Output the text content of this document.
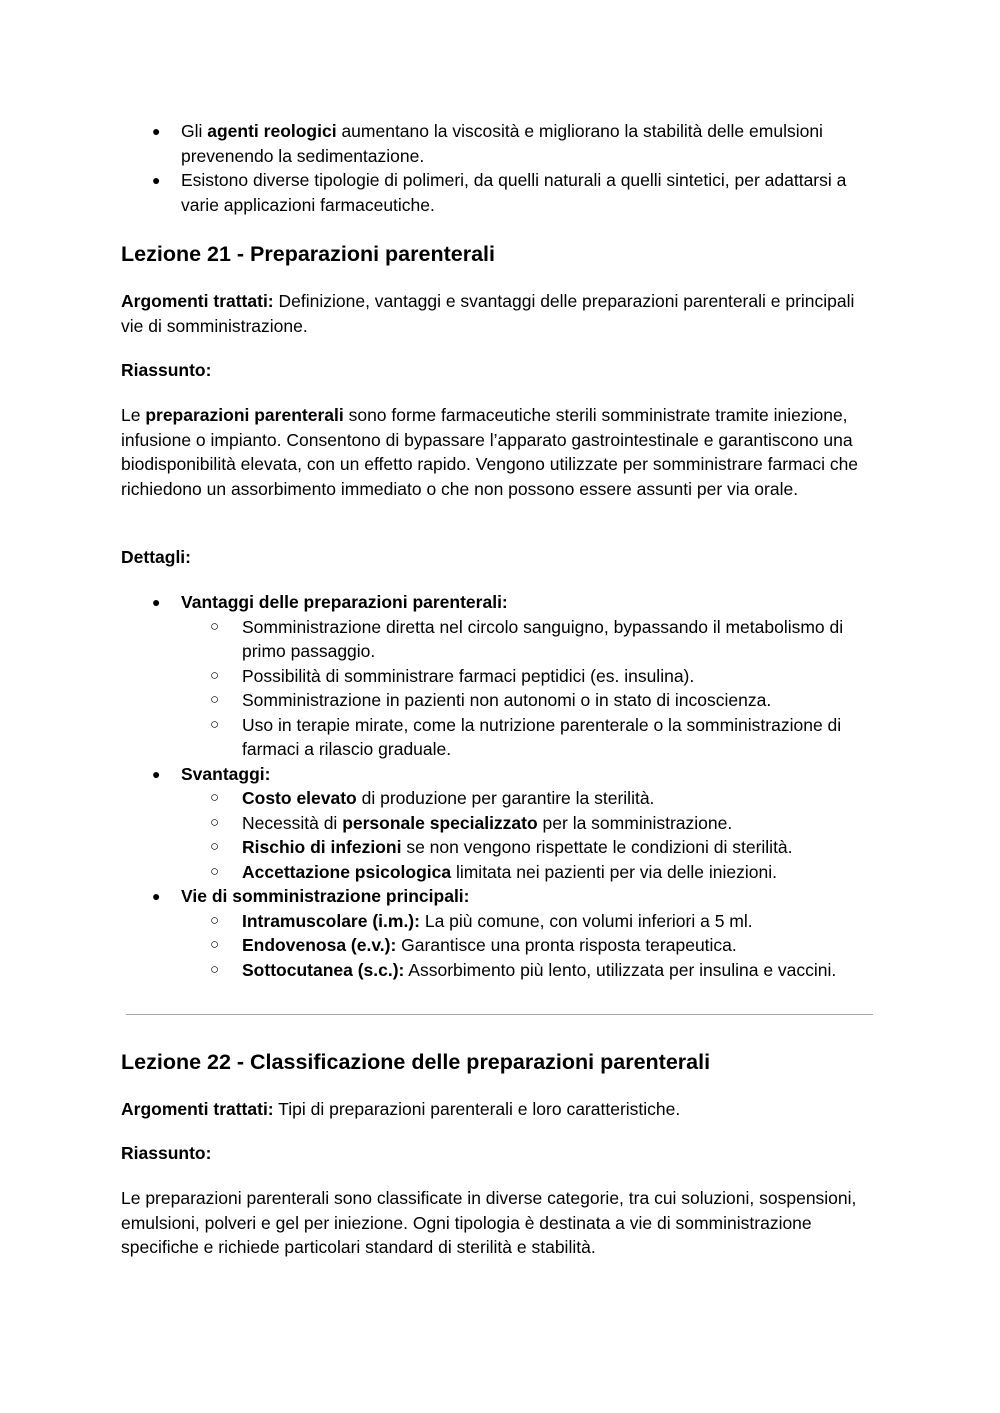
● Gli agenti reologici aumentano la viscosità e migliorano la stabilità delle emulsioni prevenendo la sedimentazione.
● Esistono diverse tipologie di polimeri, da quelli naturali a quelli sintetici, per adattarsi a varie applicazioni farmaceutiche.
Lezione 21 - Preparazioni parenterali

Argomenti trattati: Definizione, vantaggi e svantaggi delle preparazioni parenterali e principali vie di somministrazione.

Riassunto:

Le preparazioni parenterali sono forme farmaceutiche sterili somministrate tramite iniezione, infusione o impianto. Consentono di bypassare l’apparato gastrointestinale e garantiscono una biodisponibilità elevata, con un effetto rapido. Vengono utilizzate per somministrare farmaci che richiedono un assorbimento immediato o che non possono essere assunti per via orale.

Dettagli:

● Vantaggi delle preparazioni parenterali:
○ Somministrazione diretta nel circolo sanguigno, bypassando il metabolismo di primo passaggio.
○ Possibilità di somministrare farmaci peptidici (es. insulina).
○ Somministrazione in pazienti non autonomi o in stato di incoscienza.
○ Uso in terapie mirate, come la nutrizione parenterale o la somministrazione di farmaci a rilascio graduale.
● Svantaggi:
○ Costo elevato di produzione per garantire la sterilità.
○ Necessità di personale specializzato per la somministrazione.
○ Rischio di infezioni se non vengono rispettate le condizioni di sterilità.
○ Accettazione psicologica limitata nei pazienti per via delle iniezioni.
● Vie di somministrazione principali:
○ Intramuscolare (i.m.): La più comune, con volumi inferiori a 5 ml.
○ Endovenosa (e.v.): Garantisce una pronta risposta terapeutica.
○ Sottocutanea (s.c.): Assorbimento più lento, utilizzata per insulina e vaccini.
Lezione 22 - Classificazione delle preparazioni parenterali

Argomenti trattati: Tipi di preparazioni parenterali e loro caratteristiche.

Riassunto:

Le preparazioni parenterali sono classificate in diverse categorie, tra cui soluzioni, sospensioni, emulsioni, polveri e gel per iniezione. Ogni tipologia è destinata a vie di somministrazione specifiche e richiede particolari standard di sterilità e stabilità.
